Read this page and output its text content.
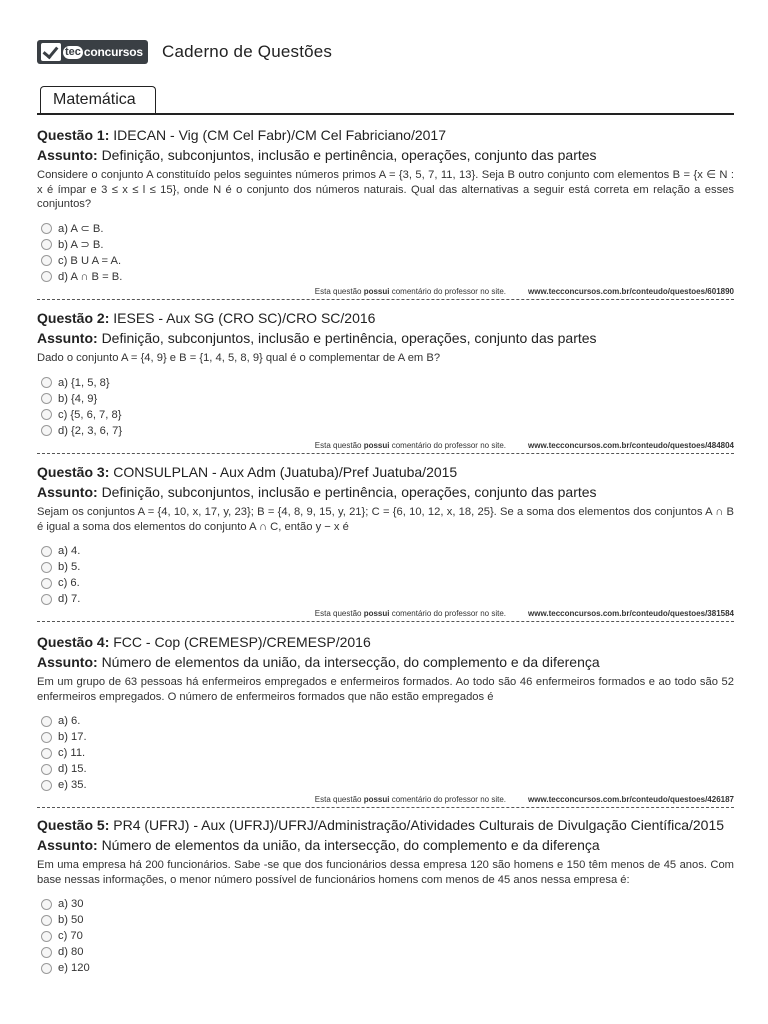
tec concursos Caderno de Questões
Matemática
Questão 1: IDECAN - Vig (CM Cel Fabr)/CM Cel Fabriciano/2017
Assunto: Definição, subconjuntos, inclusão e pertinência, operações, conjunto das partes
Considere o conjunto A constituído pelos seguintes números primos A = {3, 5, 7, 11, 13}. Seja B outro conjunto com elementos B = {x ∈ N : x é ímpar e 3 ≤ x ≤ l ≤ 15}, onde N é o conjunto dos números naturais. Qual das alternativas a seguir está correta em relação a esses conjuntos?
a) A ⊂ B.
b) A ⊃ B.
c) B U A = A.
d) A ∩ B = B.
Esta questão possui comentário do professor no site.	www.tecconcursos.com.br/conteudo/questoes/601890
Questão 2: IESES - Aux SG (CRO SC)/CRO SC/2016
Assunto: Definição, subconjuntos, inclusão e pertinência, operações, conjunto das partes
Dado o conjunto A = {4, 9} e B = {1, 4, 5, 8, 9} qual é o complementar de A em B?
a) {1, 5, 8}
b) {4, 9}
c) {5, 6, 7, 8}
d) {2, 3, 6, 7}
Esta questão possui comentário do professor no site.	www.tecconcursos.com.br/conteudo/questoes/484804
Questão 3: CONSULPLAN - Aux Adm (Juatuba)/Pref Juatuba/2015
Assunto: Definição, subconjuntos, inclusão e pertinência, operações, conjunto das partes
Sejam os conjuntos A = {4, 10, x, 17, y, 23}; B = {4, 8, 9, 15, y, 21}; C = {6, 10, 12, x, 18, 25}. Se a soma dos elementos dos conjuntos A ∩ B é igual a soma dos elementos do conjunto A ∩ C, então y − x é
a) 4.
b) 5.
c) 6.
d) 7.
Esta questão possui comentário do professor no site.	www.tecconcursos.com.br/conteudo/questoes/381584
Questão 4: FCC - Cop (CREMESP)/CREMESP/2016
Assunto: Número de elementos da união, da intersecção, do complemento e da diferença
Em um grupo de 63 pessoas há enfermeiros empregados e enfermeiros formados. Ao todo são 46 enfermeiros formados e ao todo são 52 enfermeiros empregados. O número de enfermeiros formados que não estão empregados é
a) 6.
b) 17.
c) 11.
d) 15.
e) 35.
Esta questão possui comentário do professor no site.	www.tecconcursos.com.br/conteudo/questoes/426187
Questão 5: PR4 (UFRJ) - Aux (UFRJ)/UFRJ/Administração/Atividades Culturais de Divulgação Científica/2015
Assunto: Número de elementos da união, da intersecção, do complemento e da diferença
Em uma empresa há 200 funcionários. Sabe -se que dos funcionários dessa empresa 120 são homens e 150 têm menos de 45 anos. Com base nessas informações, o menor número possível de funcionários homens com menos de 45 anos nessa empresa é:
a) 30
b) 50
c) 70
d) 80
e) 120
